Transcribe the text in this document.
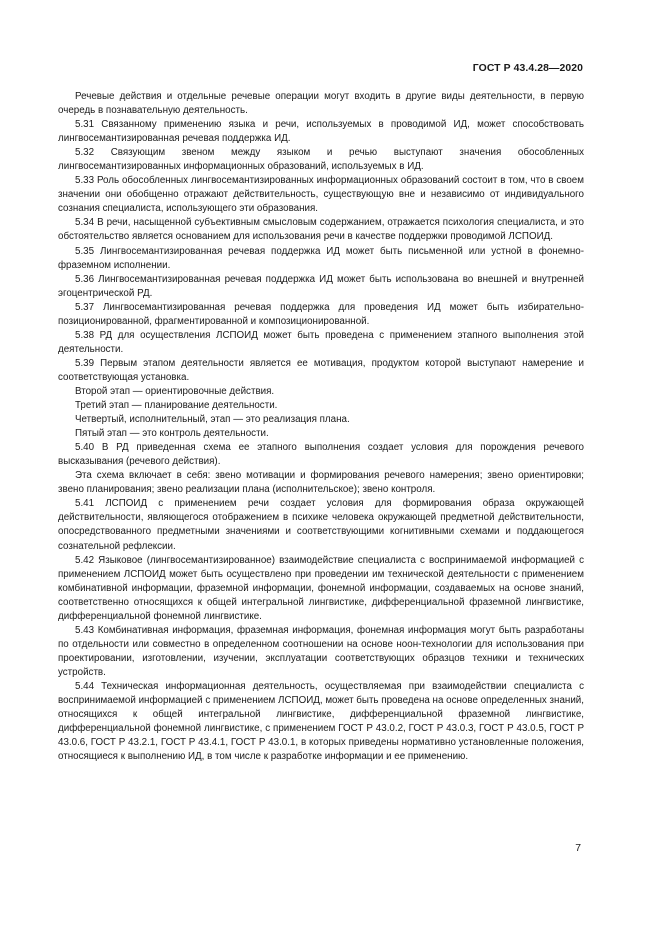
ГОСТ Р 43.4.28—2020

Речевые действия и отдельные речевые операции могут входить в другие виды деятельности, в первую очередь в познавательную деятельность.

5.31 Связанному применению языка и речи, используемых в проводимой ИД, может способствовать лингвосемантизированная речевая поддержка ИД.

5.32 Связующим звеном между языком и речью выступают значения обособленных лингвосемантизированных информационных образований, используемых в ИД.

5.33 Роль обособленных лингвосемантизированных информационных образований состоит в том, что в своем значении они обобщенно отражают действительность, существующую вне и независимо от индивидуального сознания специалиста, использующего эти образования.

5.34 В речи, насыщенной субъективным смысловым содержанием, отражается психология специалиста, и это обстоятельство является основанием для использования речи в качестве поддержки проводимой ЛСПОИД.

5.35 Лингвосемантизированная речевая поддержка ИД может быть письменной или устной в фонемно-фраземном исполнении.

5.36 Лингвосемантизированная речевая поддержка ИД может быть использована во внешней и внутренней эгоцентрической РД.

5.37 Лингвосемантизированная речевая поддержка для проведения ИД может быть избирательно-позиционированной, фрагментированной и композиционированной.

5.38 РД для осуществления ЛСПОИД может быть проведена с применением этапного выполнения этой деятельности.

5.39 Первым этапом деятельности является ее мотивация, продуктом которой выступают намерение и соответствующая установка.

Второй этап — ориентировочные действия.

Третий этап — планирование деятельности.

Четвертый, исполнительный, этап — это реализация плана.

Пятый этап — это контроль деятельности.

5.40 В РД приведенная схема ее этапного выполнения создает условия для порождения речевого высказывания (речевого действия).

Эта схема включает в себя: звено мотивации и формирования речевого намерения; звено ориентировки; звено планирования; звено реализации плана (исполнительское); звено контроля.

5.41 ЛСПОИД с применением речи создает условия для формирования образа окружающей действительности, являющегося отображением в психике человека окружающей предметной действительности, опосредствованного предметными значениями и соответствующими когнитивными схемами и поддающегося сознательной рефлексии.

5.42 Языковое (лингвосемантизированное) взаимодействие специалиста с воспринимаемой информацией с применением ЛСПОИД может быть осуществлено при проведении им технической деятельности с применением комбинативной информации, фраземной информации, фонемной информации, создаваемых на основе знаний, соответственно относящихся к общей интегральной лингвистике, дифференциальной фраземной лингвистике, дифференциальной фонемной лингвистике.

5.43 Комбинативная информация, фраземная информация, фонемная информация могут быть разработаны по отдельности или совместно в определенном соотношении на основе ноон-технологии для использования при проектировании, изготовлении, изучении, эксплуатации соответствующих образцов техники и технических устройств.

5.44 Техническая информационная деятельность, осуществляемая при взаимодействии специалиста с воспринимаемой информацией с применением ЛСПОИД, может быть проведена на основе определенных знаний, относящихся к общей интегральной лингвистике, дифференциальной фраземной лингвистике, дифференциальной фонемной лингвистике, с применением ГОСТ Р 43.0.2, ГОСТ Р 43.0.3, ГОСТ Р 43.0.5, ГОСТ Р 43.0.6, ГОСТ Р 43.2.1, ГОСТ Р 43.4.1, ГОСТ Р 43.0.1, в которых приведены нормативно установленные положения, относящиеся к выполнению ИД, в том числе к разработке информации и ее применению.

7
